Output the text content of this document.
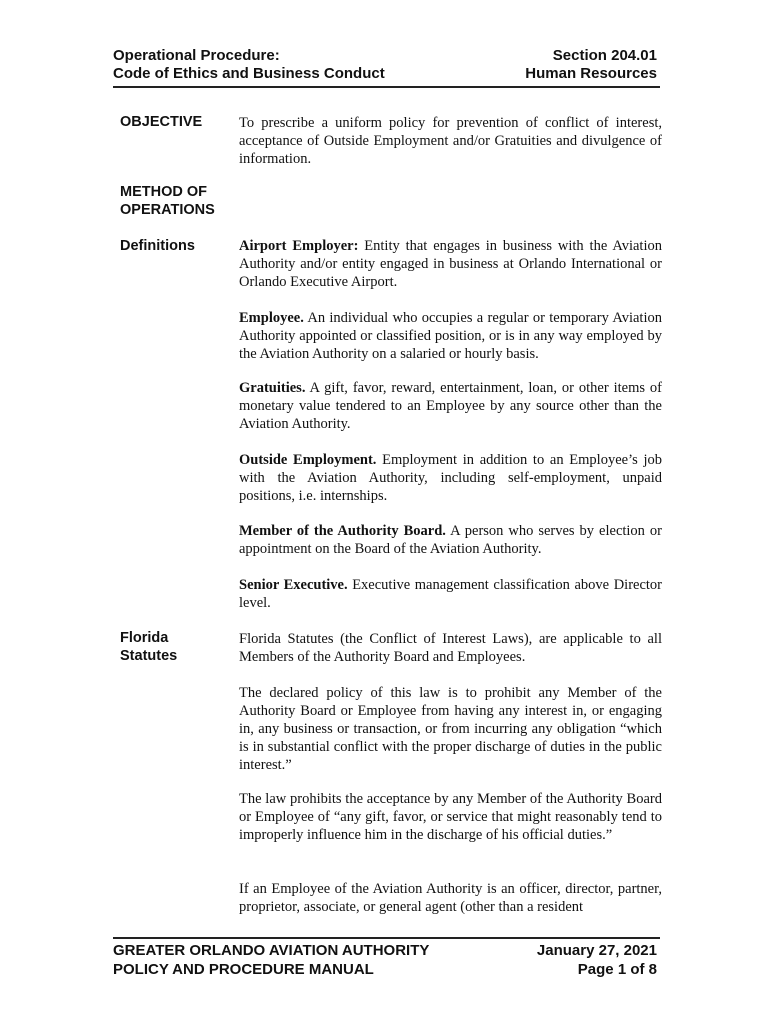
Operational Procedure:
Code of Ethics and Business Conduct
Section 204.01
Human Resources
OBJECTIVE	To prescribe a uniform policy for prevention of conflict of interest, acceptance of Outside Employment and/or Gratuities and divulgence of information.
METHOD OF
OPERATIONS
Definitions	Airport Employer: Entity that engages in business with the Aviation Authority and/or entity engaged in business at Orlando International or Orlando Executive Airport.
Employee. An individual who occupies a regular or temporary Aviation Authority appointed or classified position, or is in any way employed by the Aviation Authority on a salaried or hourly basis.
Gratuities. A gift, favor, reward, entertainment, loan, or other items of monetary value tendered to an Employee by any source other than the Aviation Authority.
Outside Employment. Employment in addition to an Employee’s job with the Aviation Authority, including self-employment, unpaid positions, i.e. internships.
Member of the Authority Board. A person who serves by election or appointment on the Board of the Aviation Authority.
Senior Executive. Executive management classification above Director level.
Florida
Statutes
Florida Statutes (the Conflict of Interest Laws), are applicable to all Members of the Authority Board and Employees.
The declared policy of this law is to prohibit any Member of the Authority Board or Employee from having any interest in, or engaging in, any business or transaction, or from incurring any obligation “which is in substantial conflict with the proper discharge of duties in the public interest.”
The law prohibits the acceptance by any Member of the Authority Board or Employee of “any gift, favor, or service that might reasonably tend to improperly influence him in the discharge of his official duties.”
If an Employee of the Aviation Authority is an officer, director, partner, proprietor, associate, or general agent (other than a resident
GREATER ORLANDO AVIATION AUTHORITY
POLICY AND PROCEDURE MANUAL
January 27, 2021
Page 1 of 8
